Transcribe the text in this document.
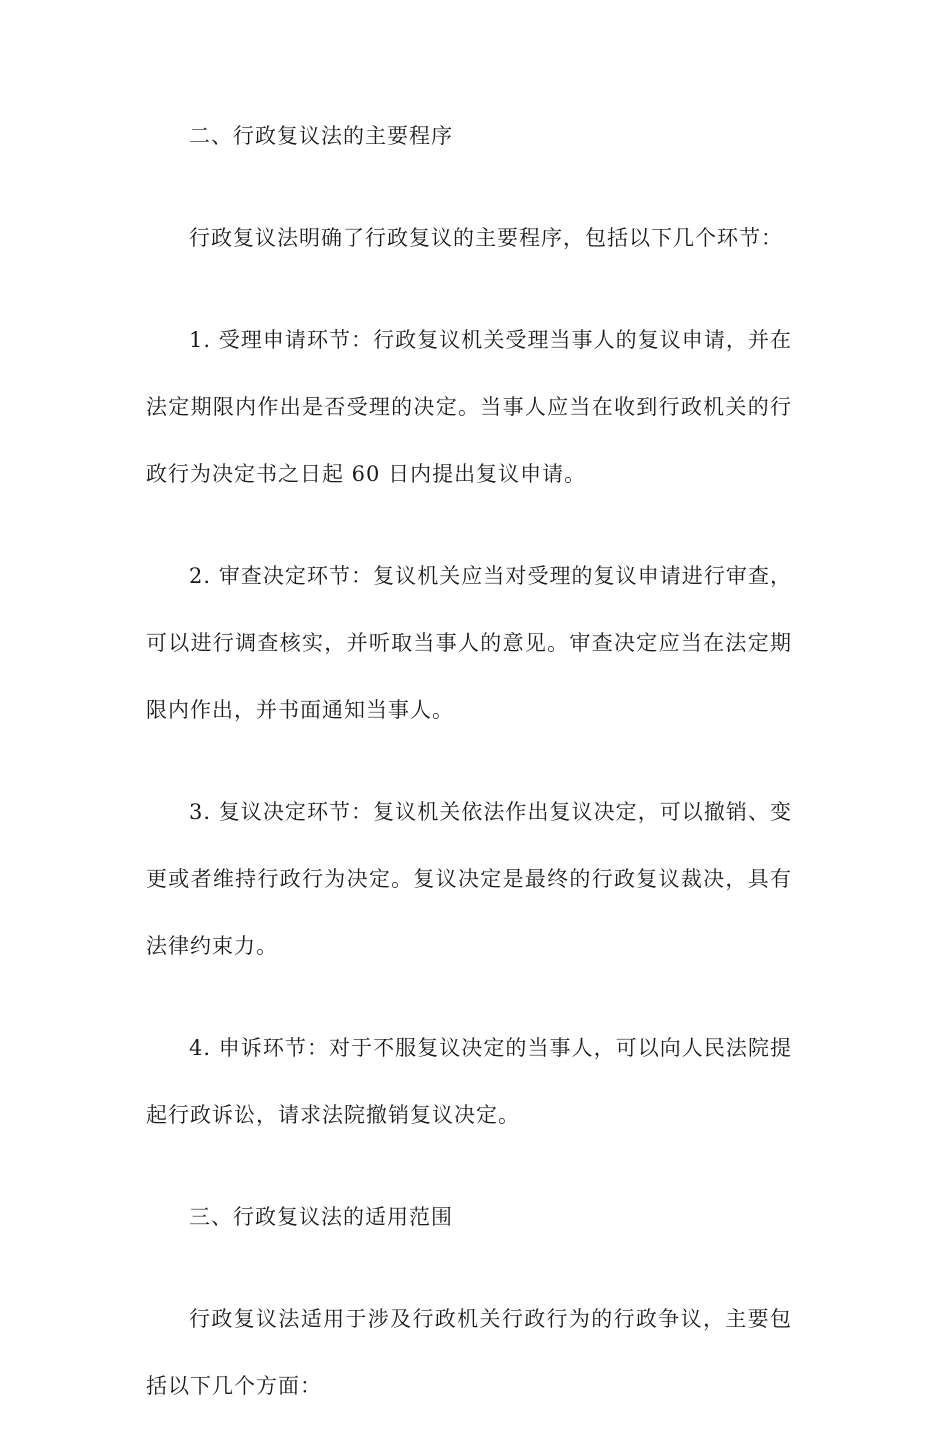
二、行政复议法的主要程序

行政复议法明确了行政复议的主要程序，包括以下几个环节：

1. 受理申请环节：行政复议机关受理当事人的复议申请，并在法定期限内作出是否受理的决定。当事人应当在收到行政机关的行政行为决定书之日起 60 日内提出复议申请。

2. 审查决定环节：复议机关应当对受理的复议申请进行审查，可以进行调查核实，并听取当事人的意见。审查决定应当在法定期限内作出，并书面通知当事人。

3. 复议决定环节：复议机关依法作出复议决定，可以撤销、变更或者维持行政行为决定。复议决定是最终的行政复议裁决，具有法律约束力。

4. 申诉环节：对于不服复议决定的当事人，可以向人民法院提起行政诉讼，请求法院撤销复议决定。

三、行政复议法的适用范围

行政复议法适用于涉及行政机关行政行为的行政争议，主要包括以下几个方面：
